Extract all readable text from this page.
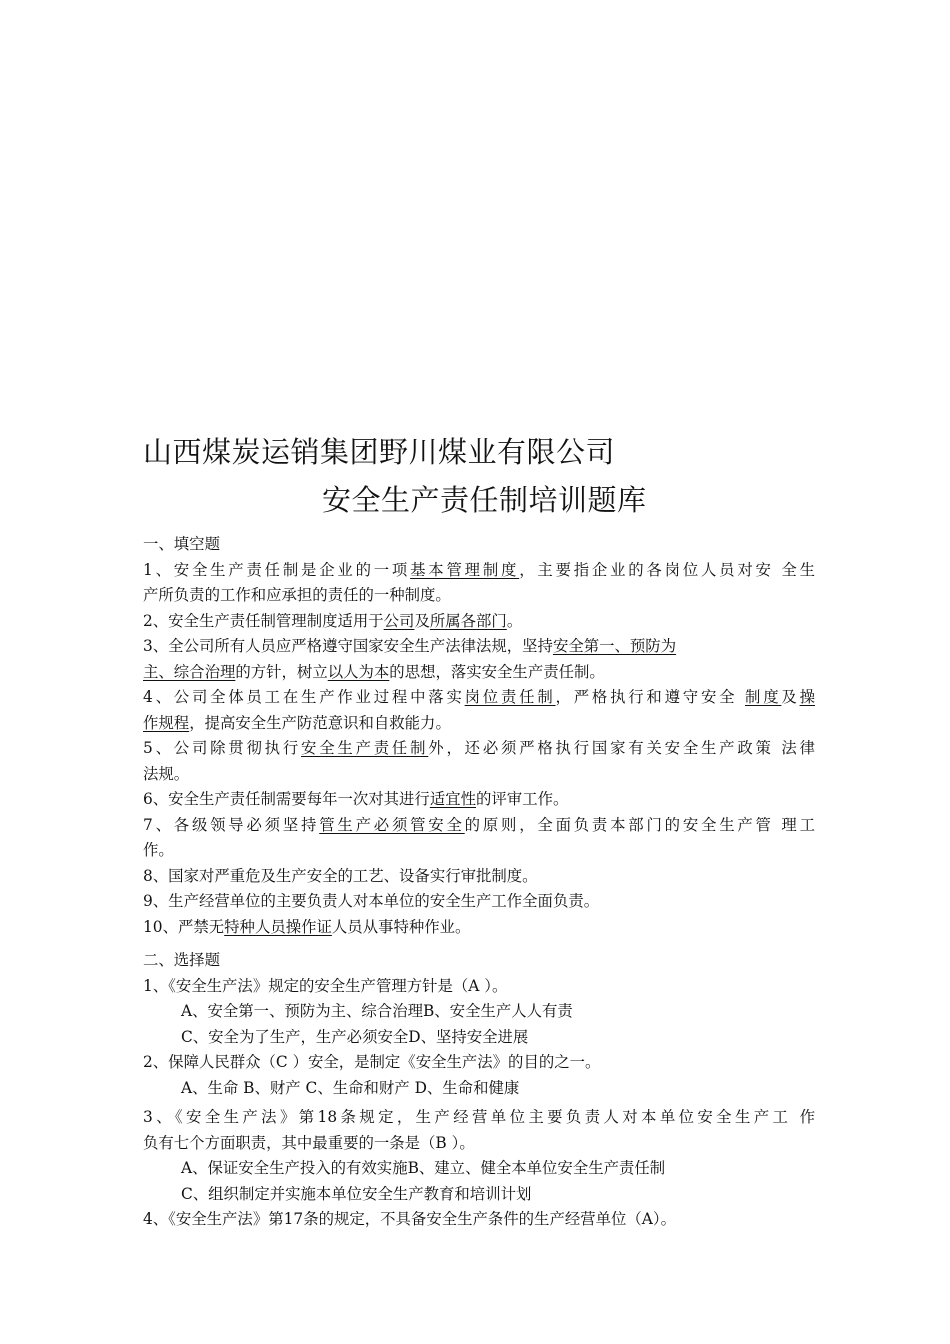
山西煤炭运销集团野川煤业有限公司
安全生产责任制培训题库
一、填空题
1、安全生产责任制是企业的一项基本管理制度，主要指企业的各岗位人员对安 全生
产所负责的工作和应承担的责任的一种制度。
2、安全生产责任制管理制度适用于公司及所属各部门。
3、全公司所有人员应严格遵守国家安全生产法律法规，坚持安全第一、预防为
主、综合治理的方针，树立以人为本的思想，落实安全生产责任制。
4、公司全体员工在生产作业过程中落实岗位责任制，严格执行和遵守安全 制度及操
作规程，提高安全生产防范意识和自救能力。
5、公司除贯彻执行安全生产责任制外，还必须严格执行国家有关安全生产政策 法律
法规。
6、安全生产责任制需要每年一次对其进行适宜性的评审工作。
7、各级领导必须坚持管生产必须管安全的原则，全面负责本部门的安全生产管 理工
作。
8、国家对严重危及生产安全的工艺、设备实行审批制度。
9、生产经营单位的主要负责人对本单位的安全生产工作全面负责。
10、严禁无特种人员操作证人员从事特种作业。
二、选择题
1、《安全生产法》规定的安全生产管理方针是（A ）。
A、安全第一、预防为主、综合治理B、安全生产人人有责
C、安全为了生产，生产必须安全D、坚持安全进展
2、保障人民群众（C ）安全，是制定《安全生产法》的目的之一。
A、生命 B、财产 C、生命和财产 D、生命和健康
3、《安全生产法》第18条规定，生产经营单位主要负责人对本单位安全生产工 作
负有七个方面职责，其中最重要的一条是（B ）。
A、保证安全生产投入的有效实施B、建立、健全本单位安全生产责任制
C、组织制定并实施本单位安全生产教育和培训计划
4、《安全生产法》第17条的规定，不具备安全生产条件的生产经营单位（A）。
